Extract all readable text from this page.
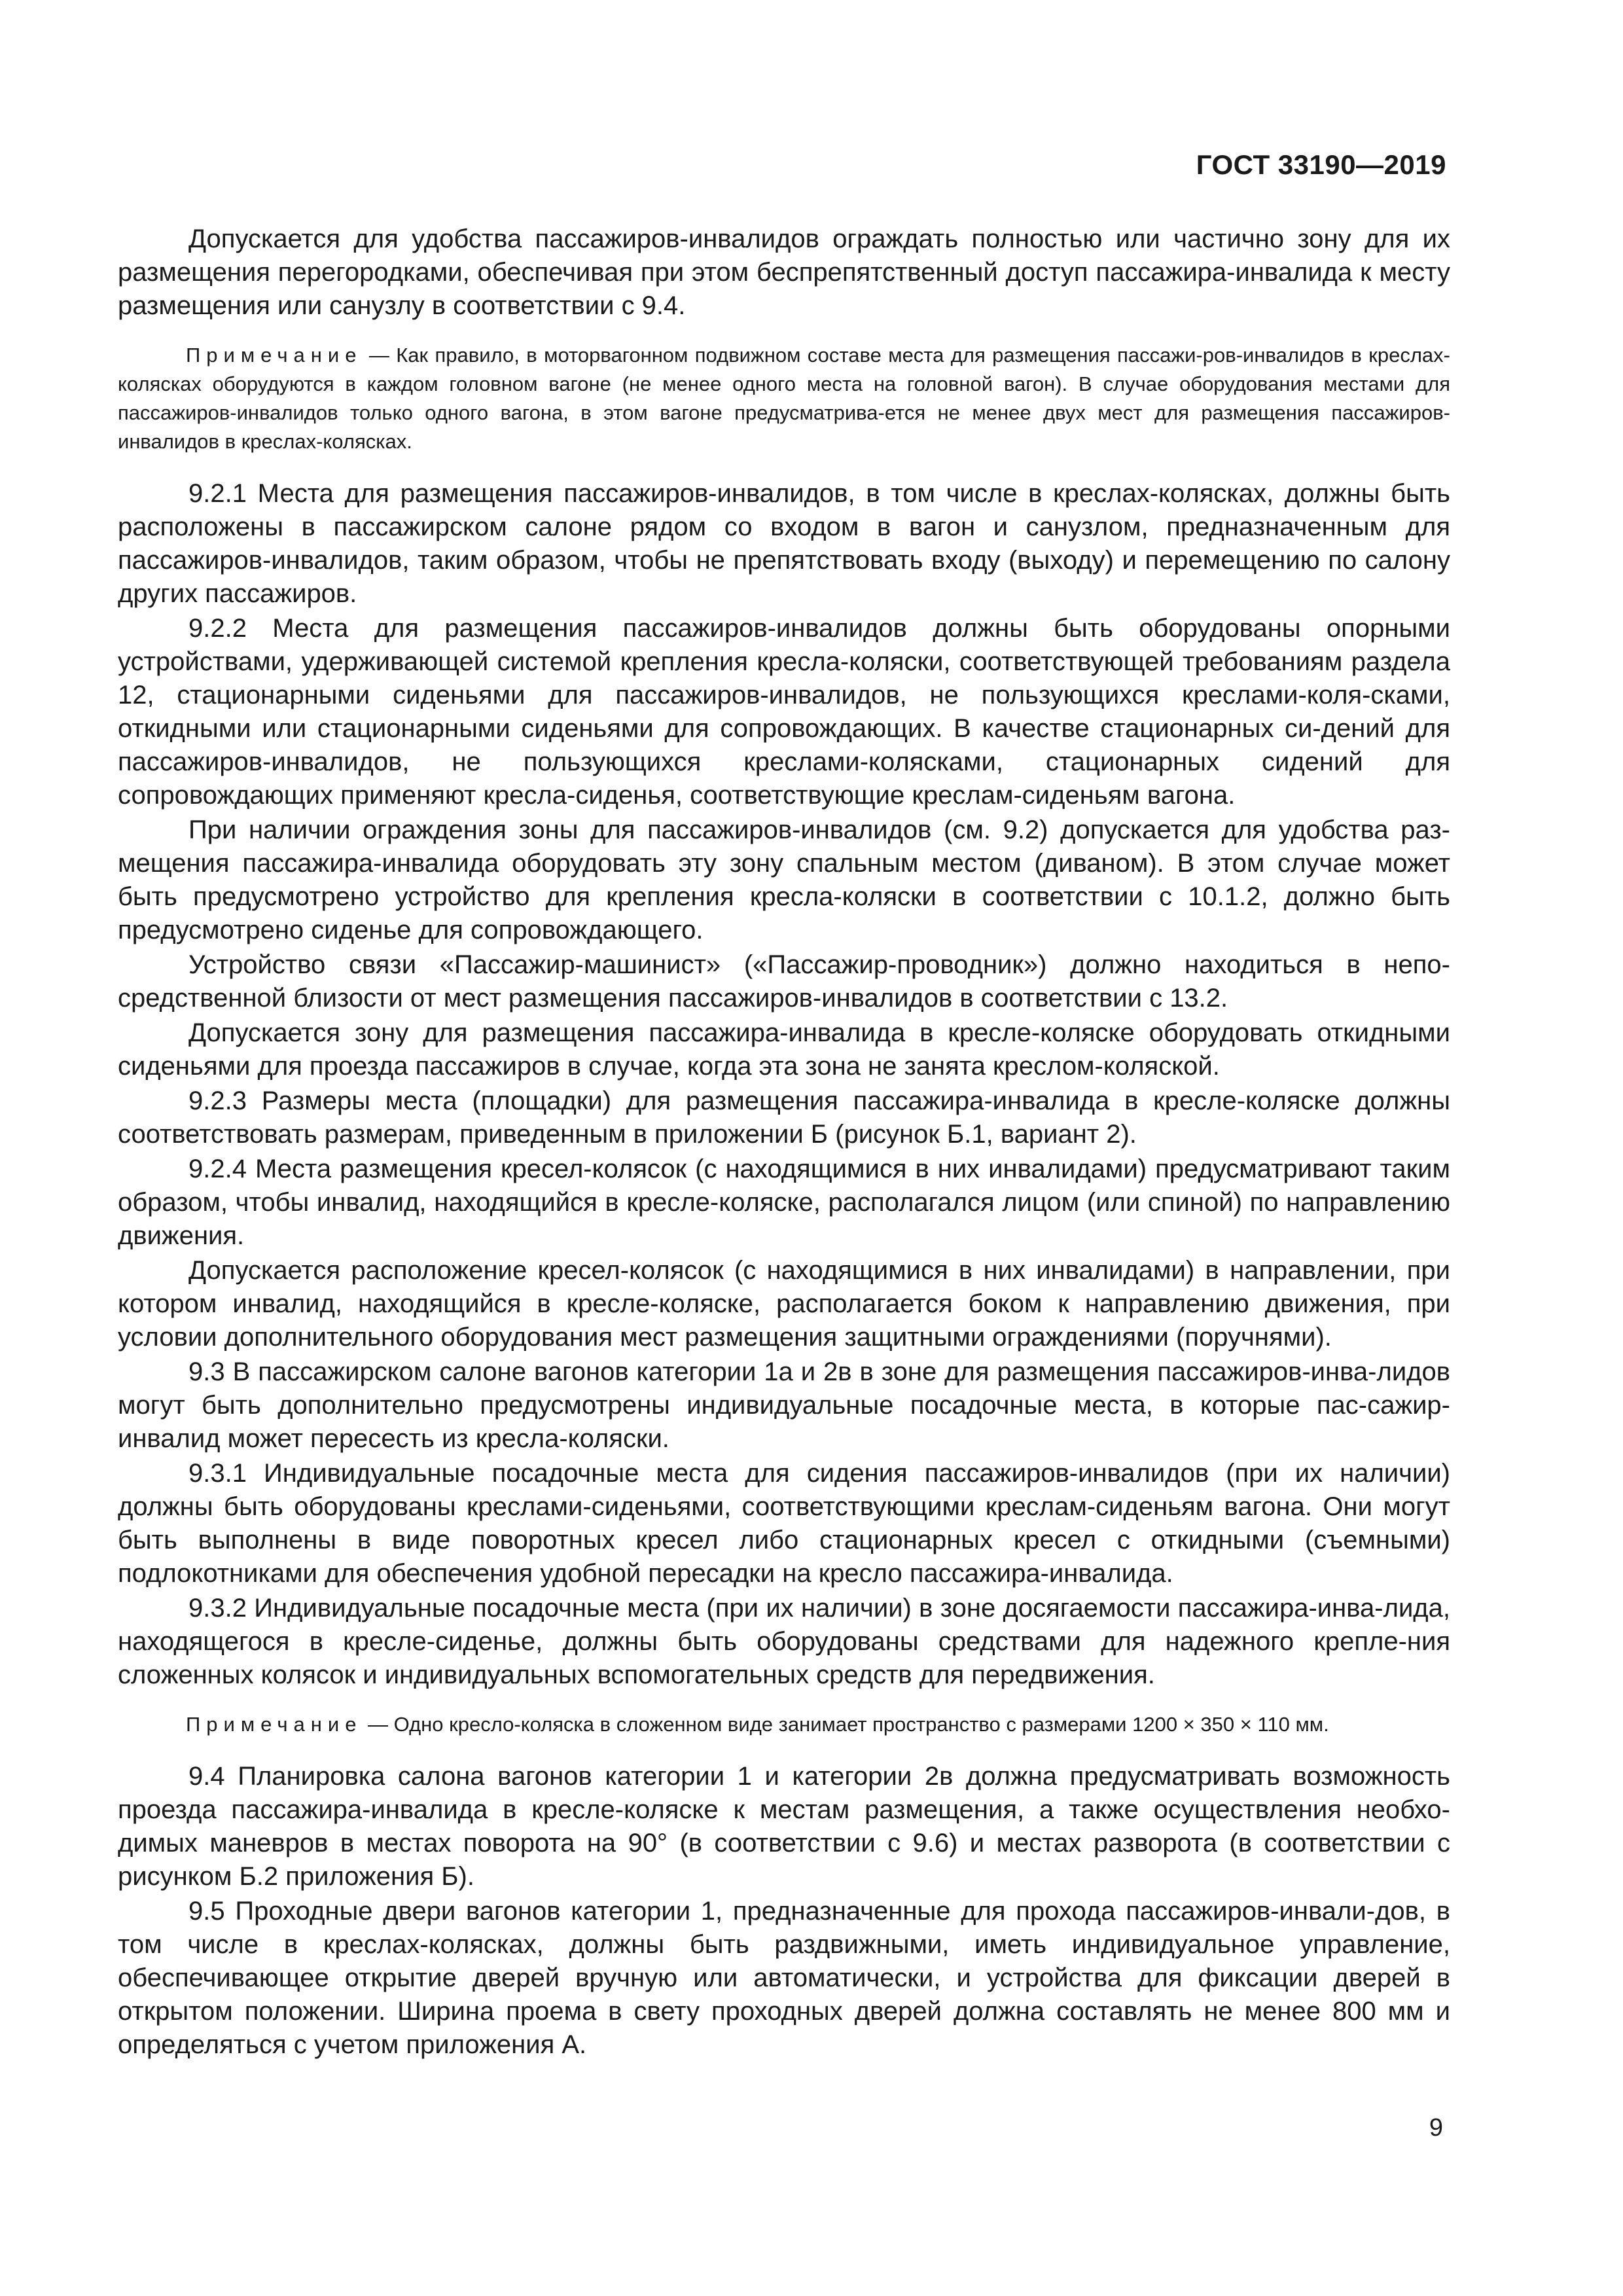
ГОСТ 33190—2019

Допускается для удобства пассажиров-инвалидов ограждать полностью или частично зону для их размещения перегородками, обеспечивая при этом беспрепятственный доступ пассажира-инвалида к месту размещения или санузлу в соответствии с 9.4.

Примечание — Как правило, в моторвагонном подвижном составе места для размещения пассажи-ров-инвалидов в креслах-колясках оборудуются в каждом головном вагоне (не менее одного места на головной вагон). В случае оборудования местами для пассажиров-инвалидов только одного вагона, в этом вагоне предусматрива-ется не менее двух мест для размещения пассажиров-инвалидов в креслах-колясках.

9.2.1 Места для размещения пассажиров-инвалидов, в том числе в креслах-колясках, должны быть расположены в пассажирском салоне рядом со входом в вагон и санузлом, предназначенным для пассажиров-инвалидов, таким образом, чтобы не препятствовать входу (выходу) и перемещению по салону других пассажиров.

9.2.2 Места для размещения пассажиров-инвалидов должны быть оборудованы опорными устройствами, удерживающей системой крепления кресла-коляски, соответствующей требованиям раздела 12, стационарными сиденьями для пассажиров-инвалидов, не пользующихся креслами-коля-сками, откидными или стационарными сиденьями для сопровождающих. В качестве стационарных си-дений для пассажиров-инвалидов, не пользующихся креслами-колясками, стационарных сидений для сопровождающих применяют кресла-сиденья, соответствующие креслам-сиденьям вагона.

При наличии ограждения зоны для пассажиров-инвалидов (см. 9.2) допускается для удобства раз-мещения пассажира-инвалида оборудовать эту зону спальным местом (диваном). В этом случае может быть предусмотрено устройство для крепления кресла-коляски в соответствии с 10.1.2, должно быть предусмотрено сиденье для сопровождающего.

Устройство связи «Пассажир-машинист» («Пассажир-проводник») должно находиться в непо-средственной близости от мест размещения пассажиров-инвалидов в соответствии с 13.2.

Допускается зону для размещения пассажира-инвалида в кресле-коляске оборудовать откидными сиденьями для проезда пассажиров в случае, когда эта зона не занята креслом-коляской.

9.2.3 Размеры места (площадки) для размещения пассажира-инвалида в кресле-коляске должны соответствовать размерам, приведенным в приложении Б (рисунок Б.1, вариант 2).

9.2.4 Места размещения кресел-колясок (с находящимися в них инвалидами) предусматривают таким образом, чтобы инвалид, находящийся в кресле-коляске, располагался лицом (или спиной) по направлению движения.

Допускается расположение кресел-колясок (с находящимися в них инвалидами) в направлении, при котором инвалид, находящийся в кресле-коляске, располагается боком к направлению движения, при условии дополнительного оборудования мест размещения защитными ограждениями (поручнями).

9.3 В пассажирском салоне вагонов категории 1а и 2в в зоне для размещения пассажиров-инва-лидов могут быть дополнительно предусмотрены индивидуальные посадочные места, в которые пас-сажир-инвалид может пересесть из кресла-коляски.

9.3.1 Индивидуальные посадочные места для сидения пассажиров-инвалидов (при их наличии) должны быть оборудованы креслами-сиденьями, соответствующими креслам-сиденьям вагона. Они могут быть выполнены в виде поворотных кресел либо стационарных кресел с откидными (съемными) подлокотниками для обеспечения удобной пересадки на кресло пассажира-инвалида.

9.3.2 Индивидуальные посадочные места (при их наличии) в зоне досягаемости пассажира-инва-лида, находящегося в кресле-сиденье, должны быть оборудованы средствами для надежного крепле-ния сложенных колясок и индивидуальных вспомогательных средств для передвижения.

Примечание — Одно кресло-коляска в сложенном виде занимает пространство с размерами 1200 × 350 × 110 мм.

9.4 Планировка салона вагонов категории 1 и категории 2в должна предусматривать возможность проезда пассажира-инвалида в кресле-коляске к местам размещения, а также осуществления необхо-димых маневров в местах поворота на 90° (в соответствии с 9.6) и местах разворота (в соответствии с рисунком Б.2 приложения Б).

9.5 Проходные двери вагонов категории 1, предназначенные для прохода пассажиров-инвали-дов, в том числе в креслах-колясках, должны быть раздвижными, иметь индивидуальное управление, обеспечивающее открытие дверей вручную или автоматически, и устройства для фиксации дверей в открытом положении. Ширина проема в свету проходных дверей должна составлять не менее 800 мм и определяться с учетом приложения А.

9
